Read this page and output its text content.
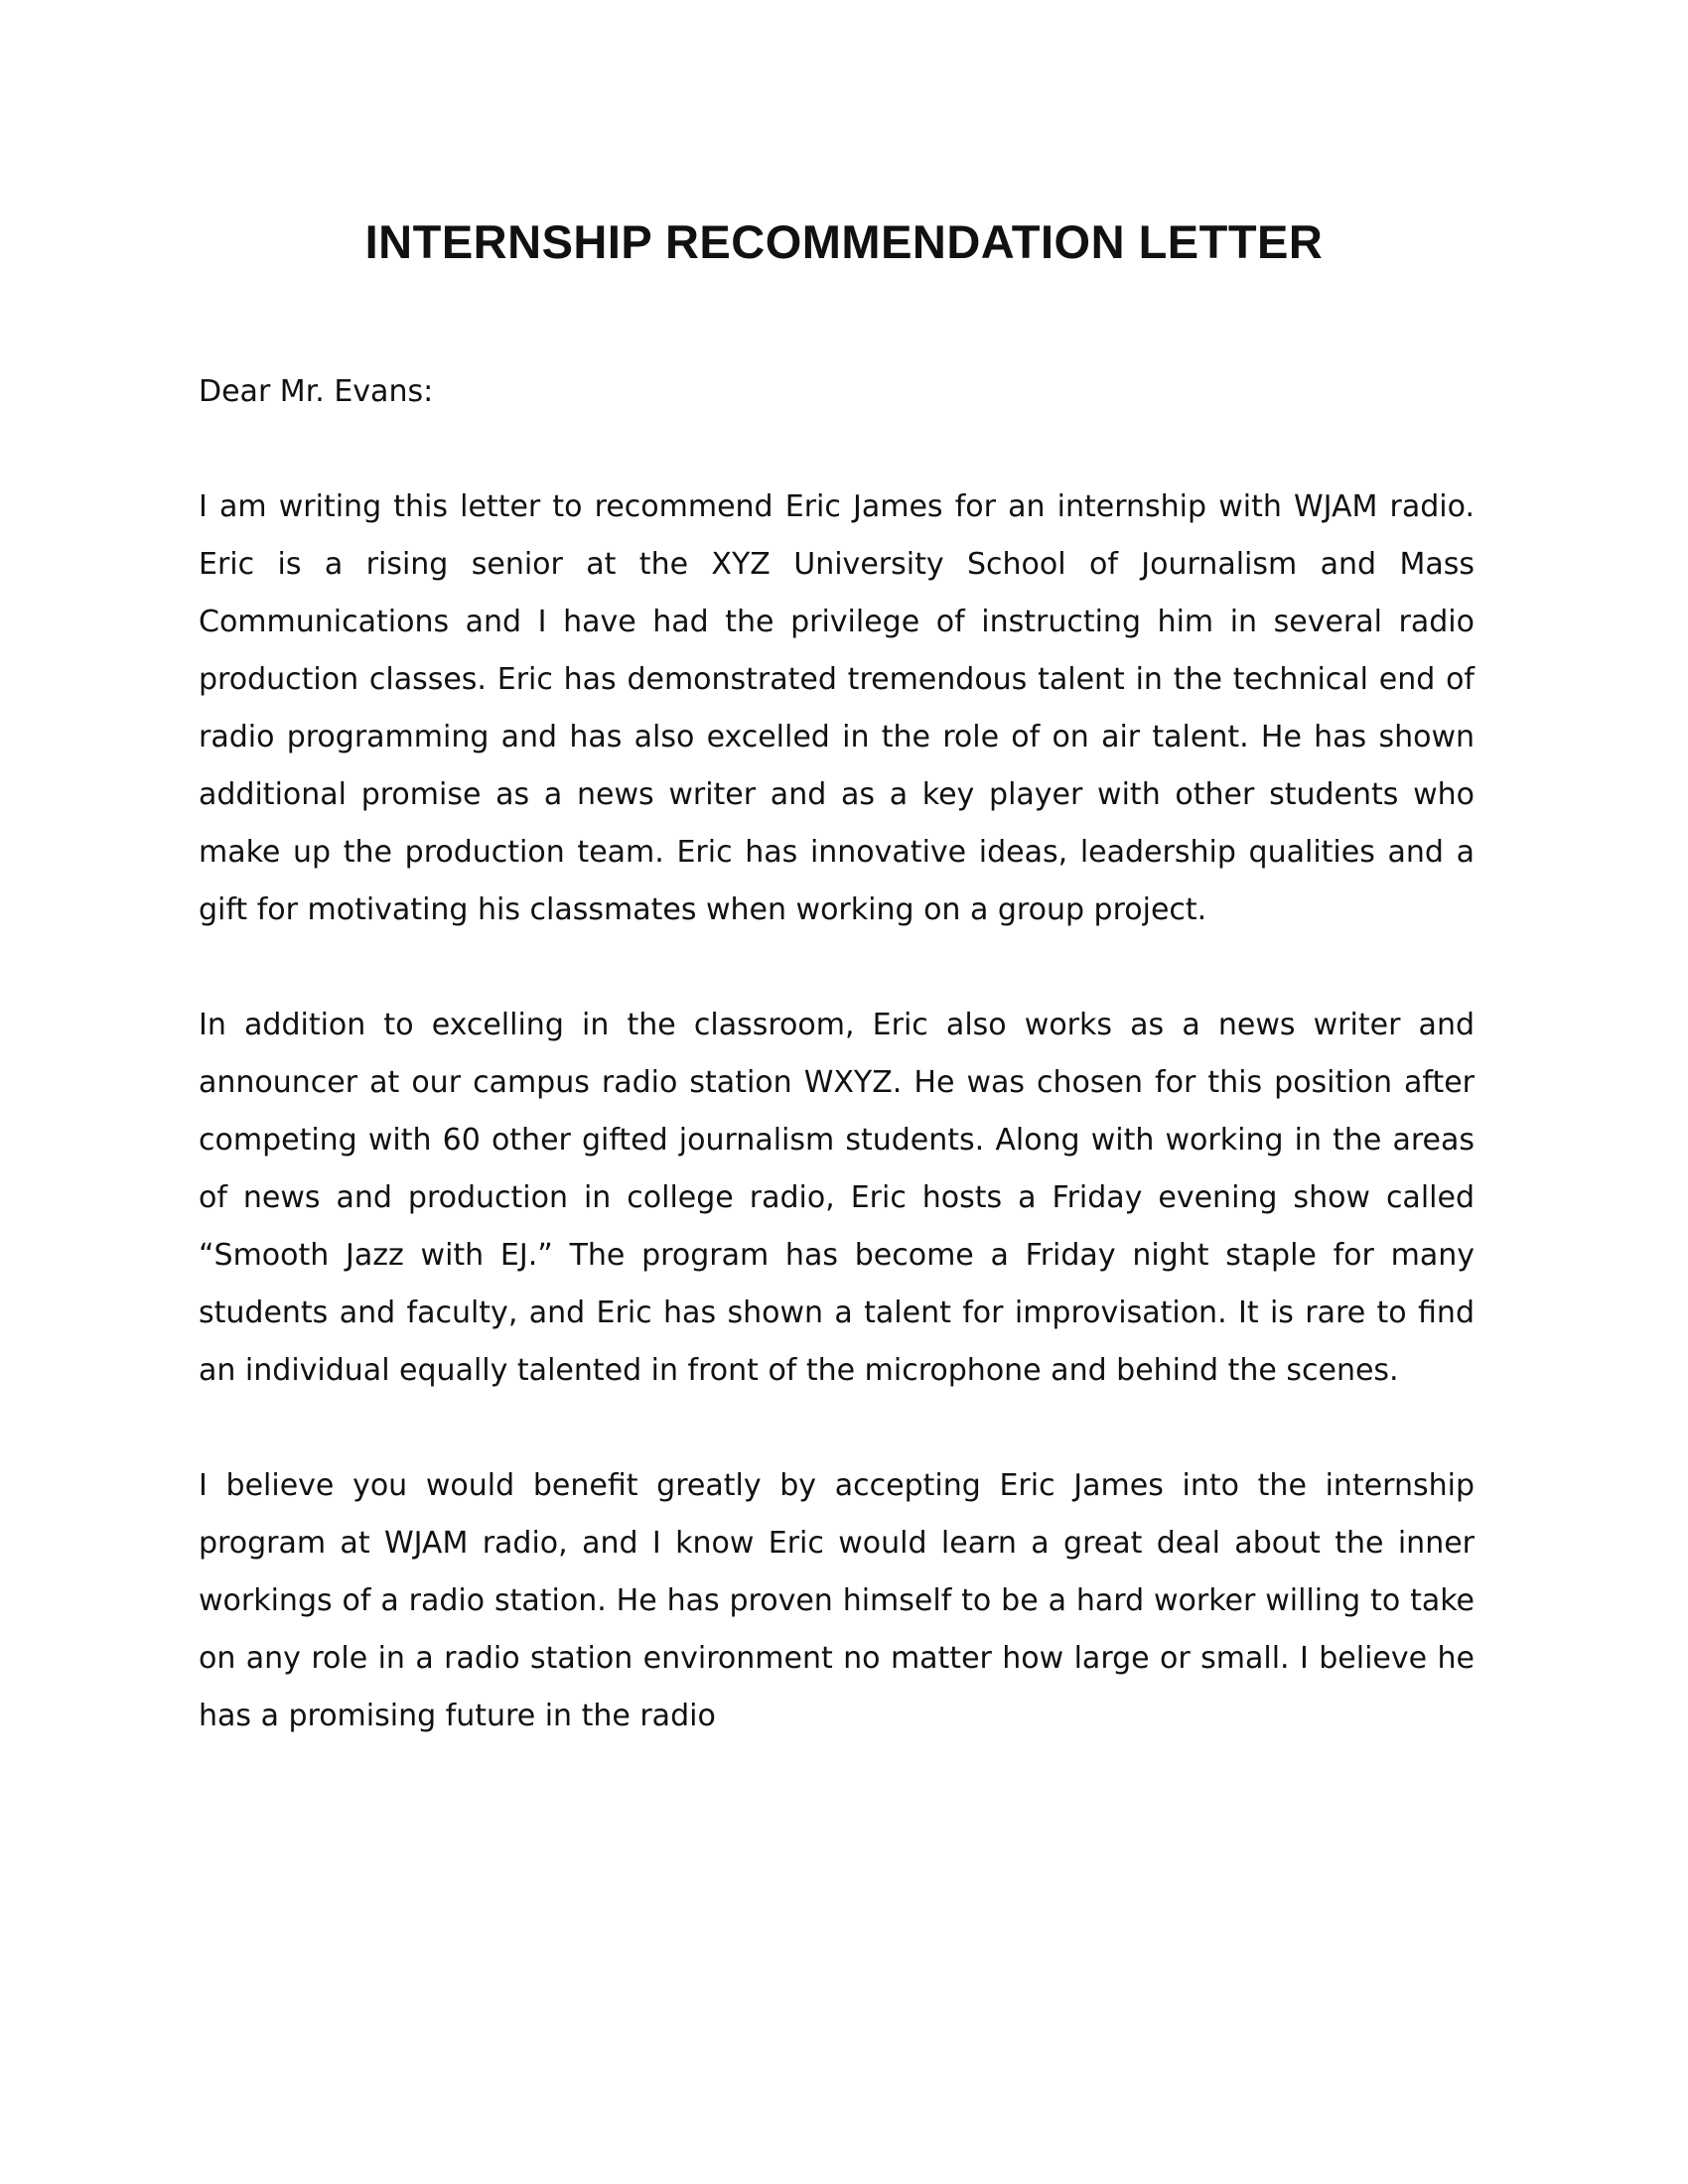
INTERNSHIP RECOMMENDATION LETTER

Dear Mr. Evans:

I am writing this letter to recommend Eric James for an internship with WJAM radio. Eric is a rising senior at the XYZ University School of Journalism and Mass Communications and I have had the privilege of instructing him in several radio production classes. Eric has demonstrated tremendous talent in the technical end of radio programming and has also excelled in the role of on air talent. He has shown additional promise as a news writer and as a key player with other students who make up the production team. Eric has innovative ideas, leadership qualities and a gift for motivating his classmates when working on a group project.

In addition to excelling in the classroom, Eric also works as a news writer and announcer at our campus radio station WXYZ. He was chosen for this position after competing with 60 other gifted journalism students. Along with working in the areas of news and production in college radio, Eric hosts a Friday evening show called “Smooth Jazz with EJ.” The program has become a Friday night staple for many students and faculty, and Eric has shown a talent for improvisation. It is rare to find an individual equally talented in front of the microphone and behind the scenes.

I believe you would benefit greatly by accepting Eric James into the internship program at WJAM radio, and I know Eric would learn a great deal about the inner workings of a radio station. He has proven himself to be a hard worker willing to take on any role in a radio station environment no matter how large or small. I believe he has a promising future in the radio
